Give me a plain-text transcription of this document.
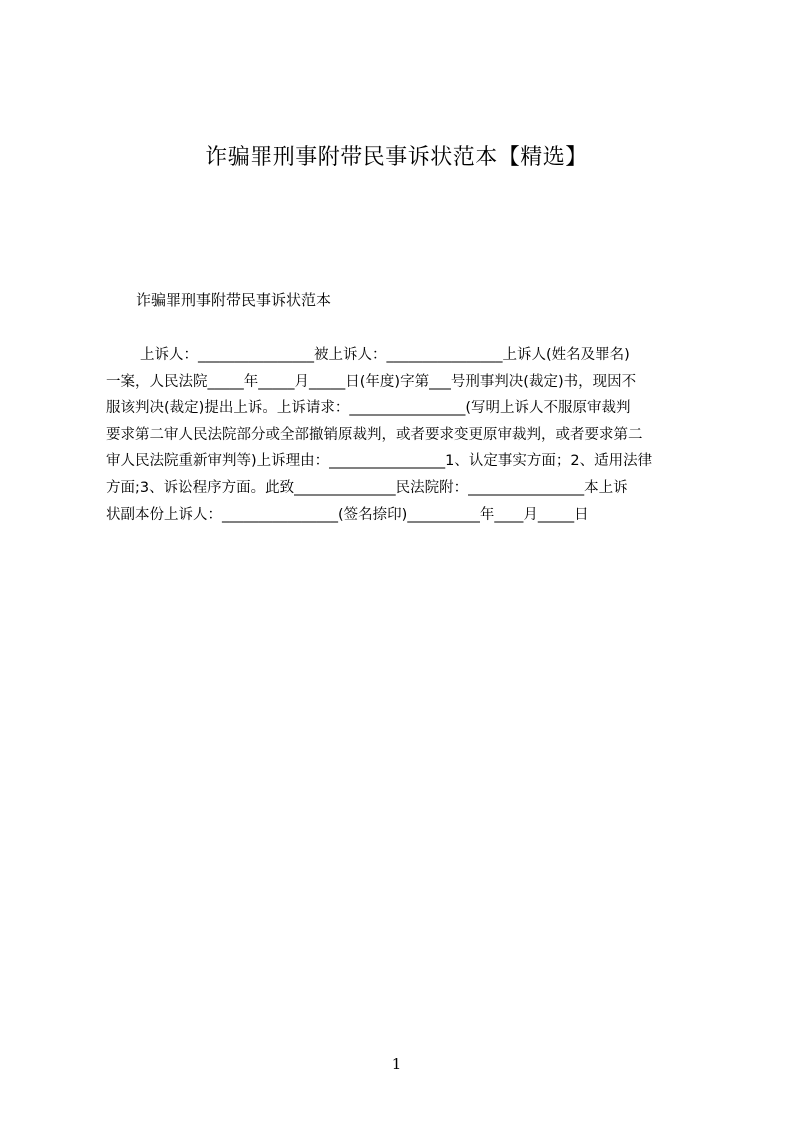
诈骗罪刑事附带民事诉状范本【精选】

诈骗罪刑事附带民事诉状范本

上诉人：________________被上诉人：________________上诉人(姓名及罪名)

一案，人民法院_____年_____月_____日(年度)字第___号刑事判决(裁定)书，现因不

服该判决(裁定)提出上诉。上诉请求：________________(写明上诉人不服原审裁判

要求第二审人民法院部分或全部撤销原裁判，或者要求变更原审裁判，或者要求第二

审人民法院重新审判等)上诉理由：________________1、认定事实方面；2、适用法律

方面;3、诉讼程序方面。此致______________民法院附：________________本上诉

状副本份上诉人：________________(签名捺印)__________年____月_____日

1
